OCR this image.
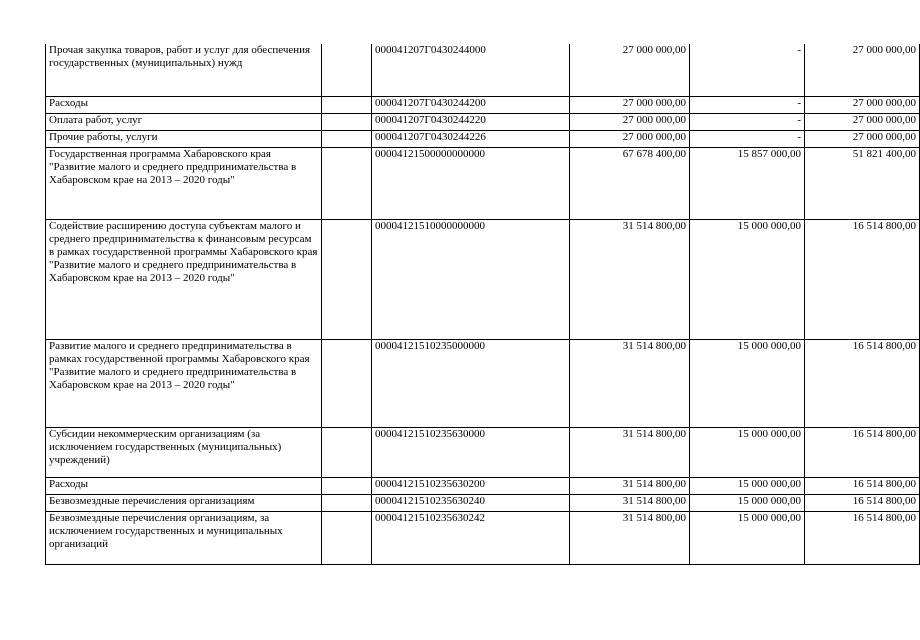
Прочая закупка товаров, работ и услуг для обеспечения государственных (муниципальных) нужд		000041207Г0430244000	27 000 000,00	-	27 000 000,00
Расходы		000041207Г0430244200	27 000 000,00	-	27 000 000,00
Оплата работ, услуг		000041207Г0430244220	27 000 000,00	-	27 000 000,00
Прочие работы, услуги		000041207Г0430244226	27 000 000,00	-	27 000 000,00
Государственная программа Хабаровского края "Развитие малого и среднего предпринимательства в Хабаровском крае на 2013 – 2020 годы"		00004121500000000000	67 678 400,00	15 857 000,00	51 821 400,00
Содействие расширению доступа субъектам малого и среднего предпринимательства к финансовым ресурсам в рамках государственной программы Хабаровского края "Развитие малого и среднего предпринимательства в Хабаровском крае на 2013 – 2020 годы"		00004121510000000000	31 514 800,00	15 000 000,00	16 514 800,00
Развитие малого и среднего предпринимательства в рамках государственной программы Хабаровского края "Развитие малого и среднего предпринимательства в Хабаровском крае на 2013 – 2020 годы"		00004121510235000000	31 514 800,00	15 000 000,00	16 514 800,00
Субсидии некоммерческим организациям (за исключением государственных (муниципальных) учреждений)		00004121510235630000	31 514 800,00	15 000 000,00	16 514 800,00
Расходы		00004121510235630200	31 514 800,00	15 000 000,00	16 514 800,00
Безвозмездные перечисления организациям		00004121510235630240	31 514 800,00	15 000 000,00	16 514 800,00
Безвозмездные перечисления организациям, за исключением государственных и муниципальных организаций		00004121510235630242	31 514 800,00	15 000 000,00	16 514 800,00
